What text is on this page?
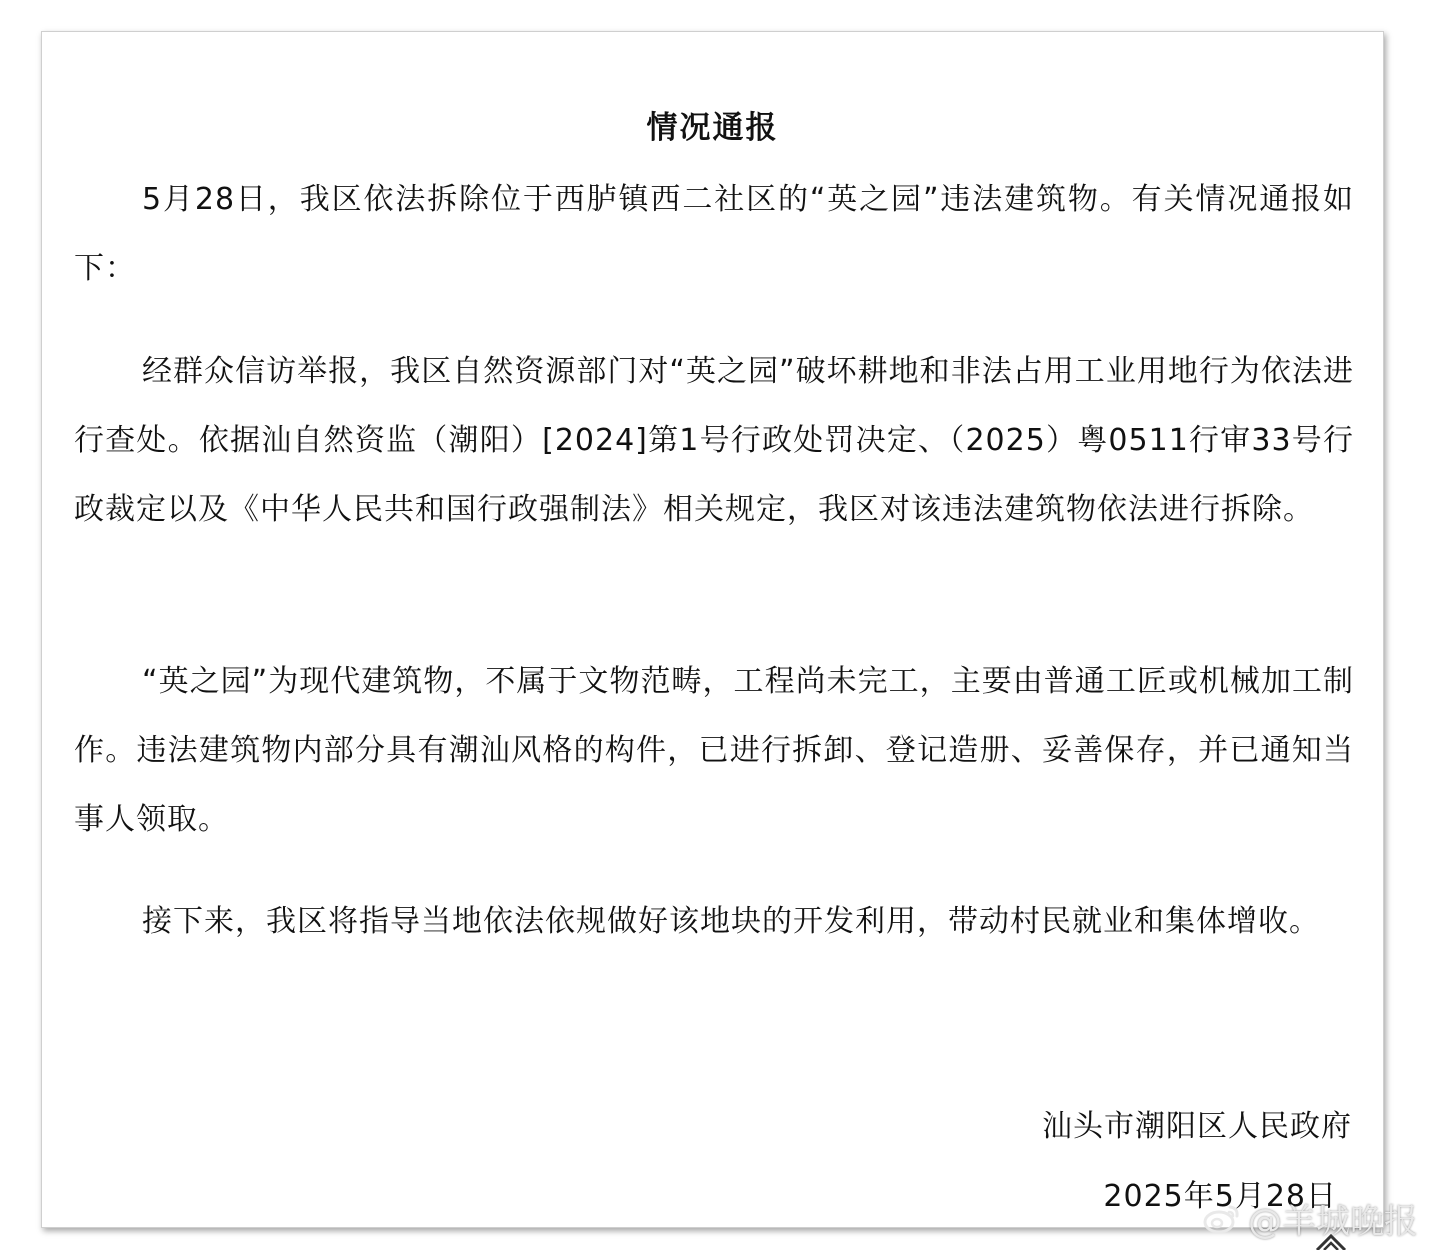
情况通报

5月28日，我区依法拆除位于西胪镇西二社区的“英之园”违法建筑物。有关情况通报如下：

经群众信访举报，我区自然资源部门对“英之园”破坏耕地和非法占用工业用地行为依法进行查处。依据汕自然资监（潮阳）[2024]第1号行政处罚决定、（2025）粤0511行审33号行政裁定以及《中华人民共和国行政强制法》相关规定，我区对该违法建筑物依法进行拆除。

“英之园”为现代建筑物，不属于文物范畴，工程尚未完工，主要由普通工匠或机械加工制作。违法建筑物内部分具有潮汕风格的构件，已进行拆卸、登记造册、妥善保存，并已通知当事人领取。

接下来，我区将指导当地依法依规做好该地块的开发利用，带动村民就业和集体增收。

汕头市潮阳区人民政府
2025年5月28日
@羊城晚报
